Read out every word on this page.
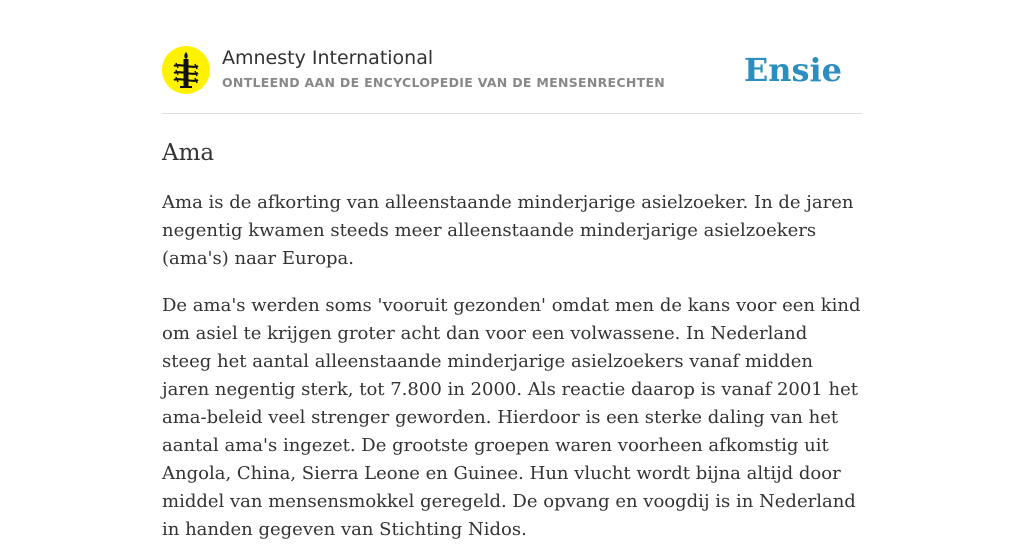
Amnesty International
ONTLEEND AAN DE ENCYCLOPEDIE VAN DE MENSENRECHTEN Ensie
Ama

Ama is de afkorting van alleenstaande minderjarige asielzoeker. In de jaren negentig kwamen steeds meer alleenstaande minderjarige asielzoekers (ama's) naar Europa.

De ama's werden soms 'vooruit gezonden' omdat men de kans voor een kind om asiel te krijgen groter acht dan voor een volwassene. In Nederland steeg het aantal alleenstaande minderjarige asielzoekers vanaf midden jaren negentig sterk, tot 7.800 in 2000. Als reactie daarop is vanaf 2001 het ama-beleid veel strenger geworden. Hierdoor is een sterke daling van het aantal ama's ingezet. De grootste groepen waren voorheen afkomstig uit Angola, China, Sierra Leone en Guinee. Hun vlucht wordt bijna altijd door middel van mensensmokkel geregeld. De opvang en voogdij is in Nederland in handen gegeven van Stichting Nidos.
